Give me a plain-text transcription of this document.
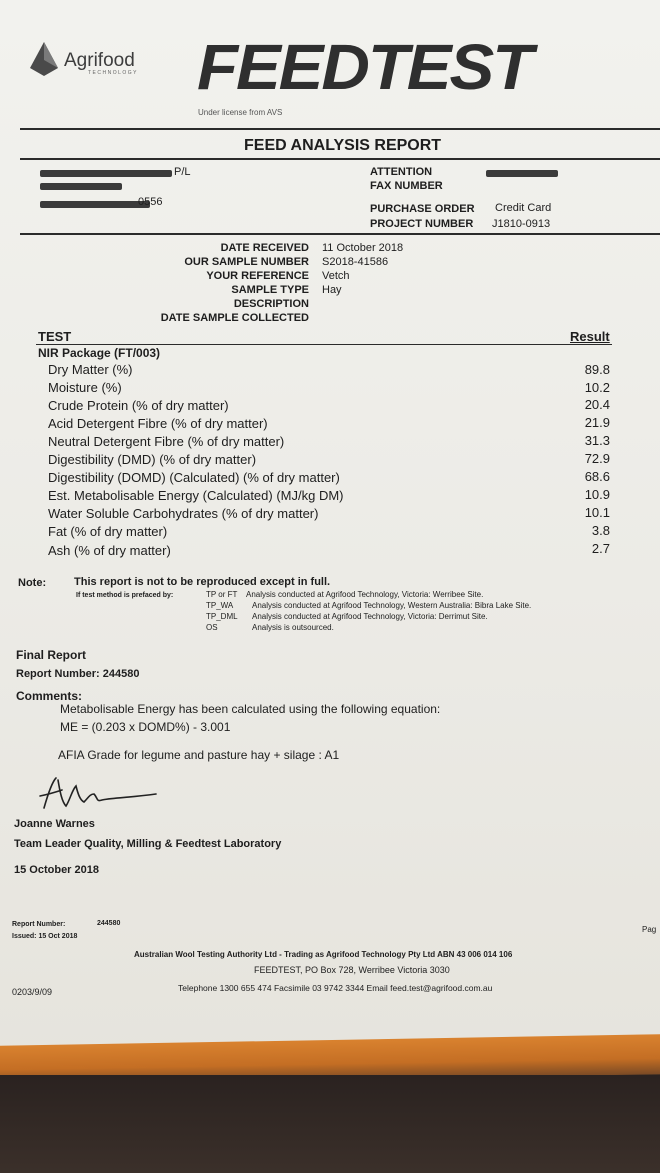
Agrifood
TECHNOLOGY FEEDTEST
Under license from AVS
FEED ANALYSIS REPORT
P/L
0556
ATTENTION
FAX NUMBER
PURCHASE ORDER Credit Card
PROJECT NUMBER J1810-0913
DATE RECEIVED 11 October 2018
OUR SAMPLE NUMBER S2018-41586
YOUR REFERENCE Vetch
SAMPLE TYPE Hay
DESCRIPTION
DATE SAMPLE COLLECTED
TEST	Result
NIR Package (FT/003)
Dry Matter (%)	89.8
Moisture (%)	10.2
Crude Protein (% of dry matter)	20.4
Acid Detergent Fibre (% of dry matter)	21.9
Neutral Detergent Fibre (% of dry matter)	31.3
Digestibility (DMD) (% of dry matter)	72.9
Digestibility (DOMD) (Calculated) (% of dry matter)	68.6
Est. Metabolisable Energy (Calculated) (MJ/kg DM)	10.9
Water Soluble Carbohydrates (% of dry matter)	10.1
Fat (% of dry matter)	3.8
Ash (% of dry matter)	2.7
Note:	This report is not to be reproduced except in full.
If test method is prefaced by:	TP or FT Analysis conducted at Agrifood Technology, Victoria: Werribee Site.
TP_WA Analysis conducted at Agrifood Technology, Western Australia: Bibra Lake Site.
TP_DML Analysis conducted at Agrifood Technology, Victoria: Derrimut Site.
OS	Analysis is outsourced.
Final Report
Report Number: 244580
Comments:
Metabolisable Energy has been calculated using the following equation:
ME = (0.203 x DOMD%) - 3.001
AFIA Grade for legume and pasture hay + silage : A1
Joanne Warnes
Team Leader Quality, Milling & Feedtest Laboratory
15 October 2018
Report Number:	244580
Issued: 15 Oct 2018
Pag
Australian Wool Testing Authority Ltd - Trading as Agrifood Technology Pty Ltd ABN 43 006 014 106
FEEDTEST, PO Box 728, Werribee Victoria 3030
0203/9/09	Telephone 1300 655 474 Facsimile 03 9742 3344 Email feed.test@agrifood.com.au
